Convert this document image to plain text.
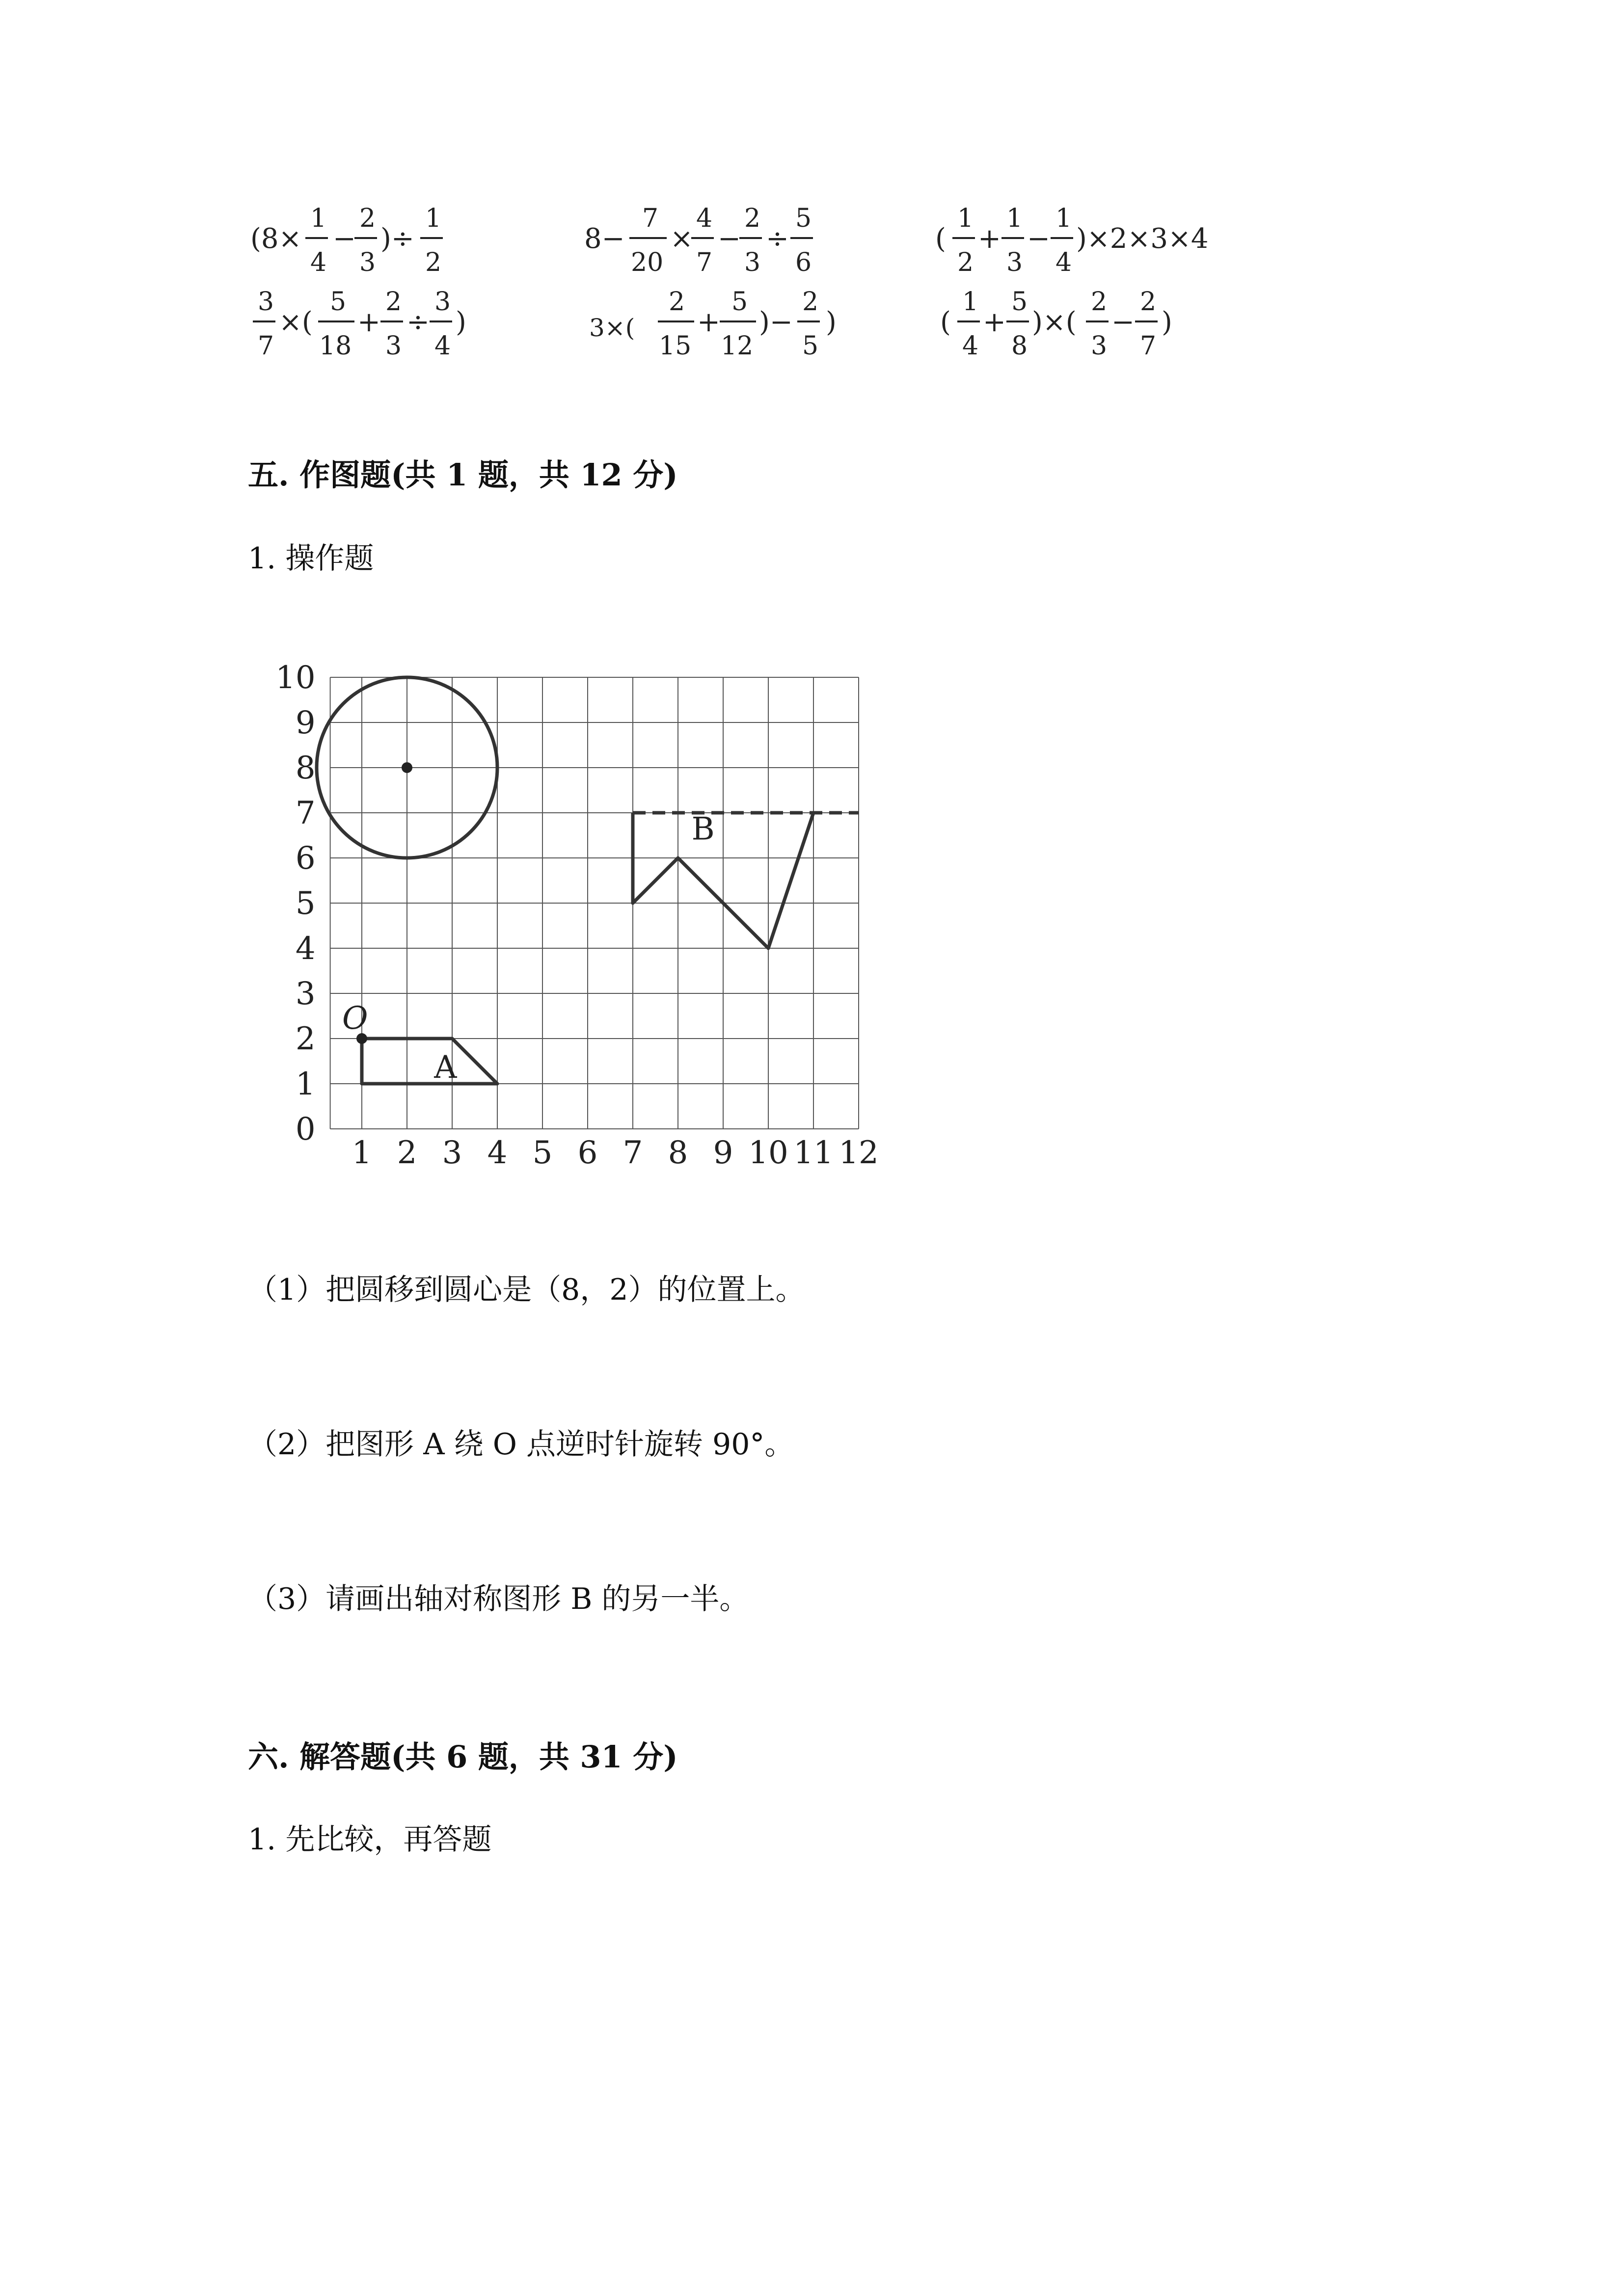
(8×
1
4
−
2
3
)÷
1
2
8−
7
20
×
4
7
−
2
3
÷
5
6
(
1
2
+
1
3
−
1
4
)×2×3×4
3
7
×(
5
18
+
2
3
÷
3
4
)	3×(
2
15
+
5
12
)−
2
5
)	(
1
4
+
5
8
)×(
2
3
−
2
7
)
五. 作图题(共 1 题，共 12 分)
1. 操作题
1 2 3 4 5 6 7 8 9 10 11 12
0
1
2
3
4
5
6
7
8
9
10
O
A
B
（1）把圆移到圆心是（8，2）的位置上。
（2）把图形 A 绕 O 点逆时针旋转 90°。
（3）请画出轴对称图形 B 的另一半。
六. 解答题(共 6 题，共 31 分)
1. 先比较，再答题
